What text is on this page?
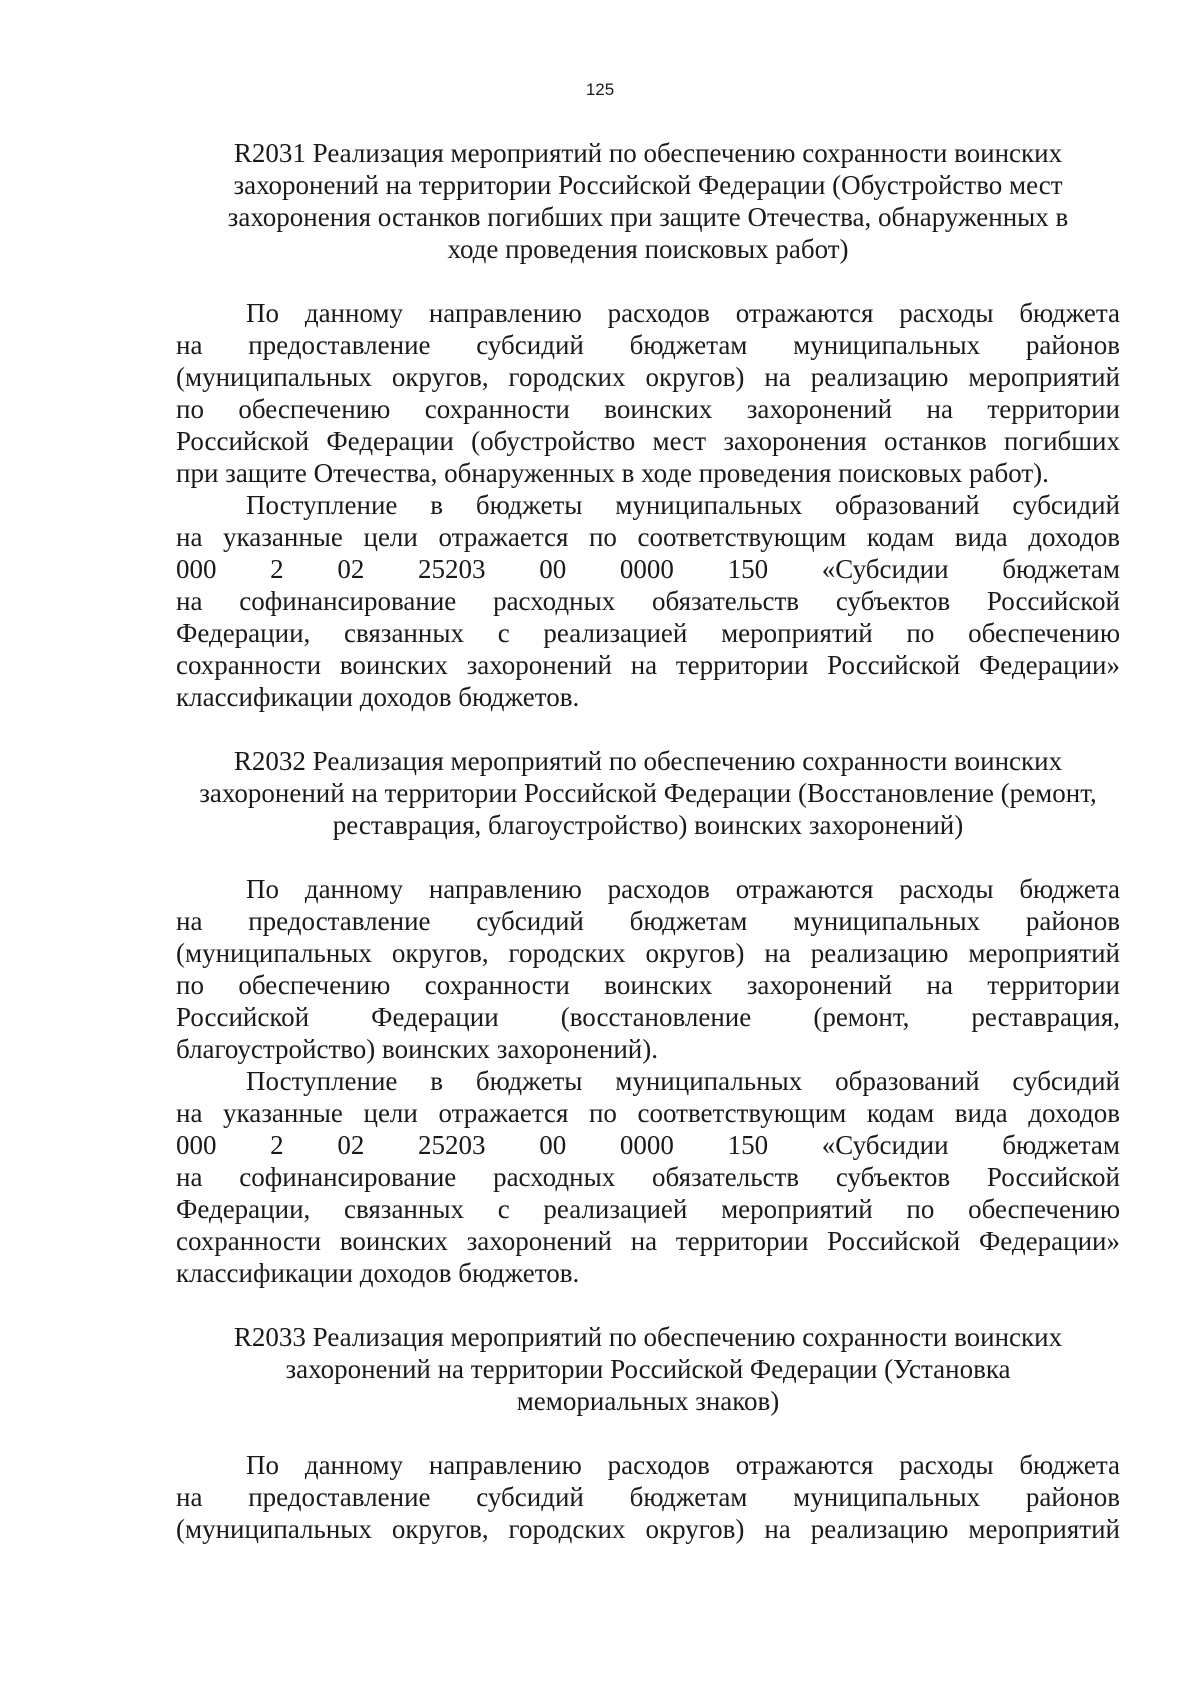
125
R2031 Реализация мероприятий по обеспечению сохранности воинских
захоронений на территории Российской Федерации (Обустройство мест
захоронения останков погибших при защите Отечества, обнаруженных в
ходе проведения поисковых работ)
По данному направлению расходов отражаются расходы бюджета
на предоставление субсидий бюджетам муниципальных районов
(муниципальных округов, городских округов) на реализацию мероприятий
по обеспечению сохранности воинских захоронений на территории
Российской Федерации (обустройство мест захоронения останков погибших
при защите Отечества, обнаруженных в ходе проведения поисковых работ).
Поступление в бюджеты муниципальных образований субсидий
на указанные цели отражается по соответствующим кодам вида доходов
000 2 02 25203 00 0000 150 «Субсидии бюджетам
на софинансирование расходных обязательств субъектов Российской
Федерации, связанных с реализацией мероприятий по обеспечению
сохранности воинских захоронений на территории Российской Федерации»
классификации доходов бюджетов.
R2032 Реализация мероприятий по обеспечению сохранности воинских
захоронений на территории Российской Федерации (Восстановление (ремонт,
реставрация, благоустройство) воинских захоронений)
По данному направлению расходов отражаются расходы бюджета
на предоставление субсидий бюджетам муниципальных районов
(муниципальных округов, городских округов) на реализацию мероприятий
по обеспечению сохранности воинских захоронений на территории
Российской Федерации (восстановление (ремонт, реставрация,
благоустройство) воинских захоронений).
Поступление в бюджеты муниципальных образований субсидий
на указанные цели отражается по соответствующим кодам вида доходов
000 2 02 25203 00 0000 150 «Субсидии бюджетам
на софинансирование расходных обязательств субъектов Российской
Федерации, связанных с реализацией мероприятий по обеспечению
сохранности воинских захоронений на территории Российской Федерации»
классификации доходов бюджетов.
R2033 Реализация мероприятий по обеспечению сохранности воинских
захоронений на территории Российской Федерации (Установка
мемориальных знаков)
По данному направлению расходов отражаются расходы бюджета
на предоставление субсидий бюджетам муниципальных районов
(муниципальных округов, городских округов) на реализацию мероприятий
